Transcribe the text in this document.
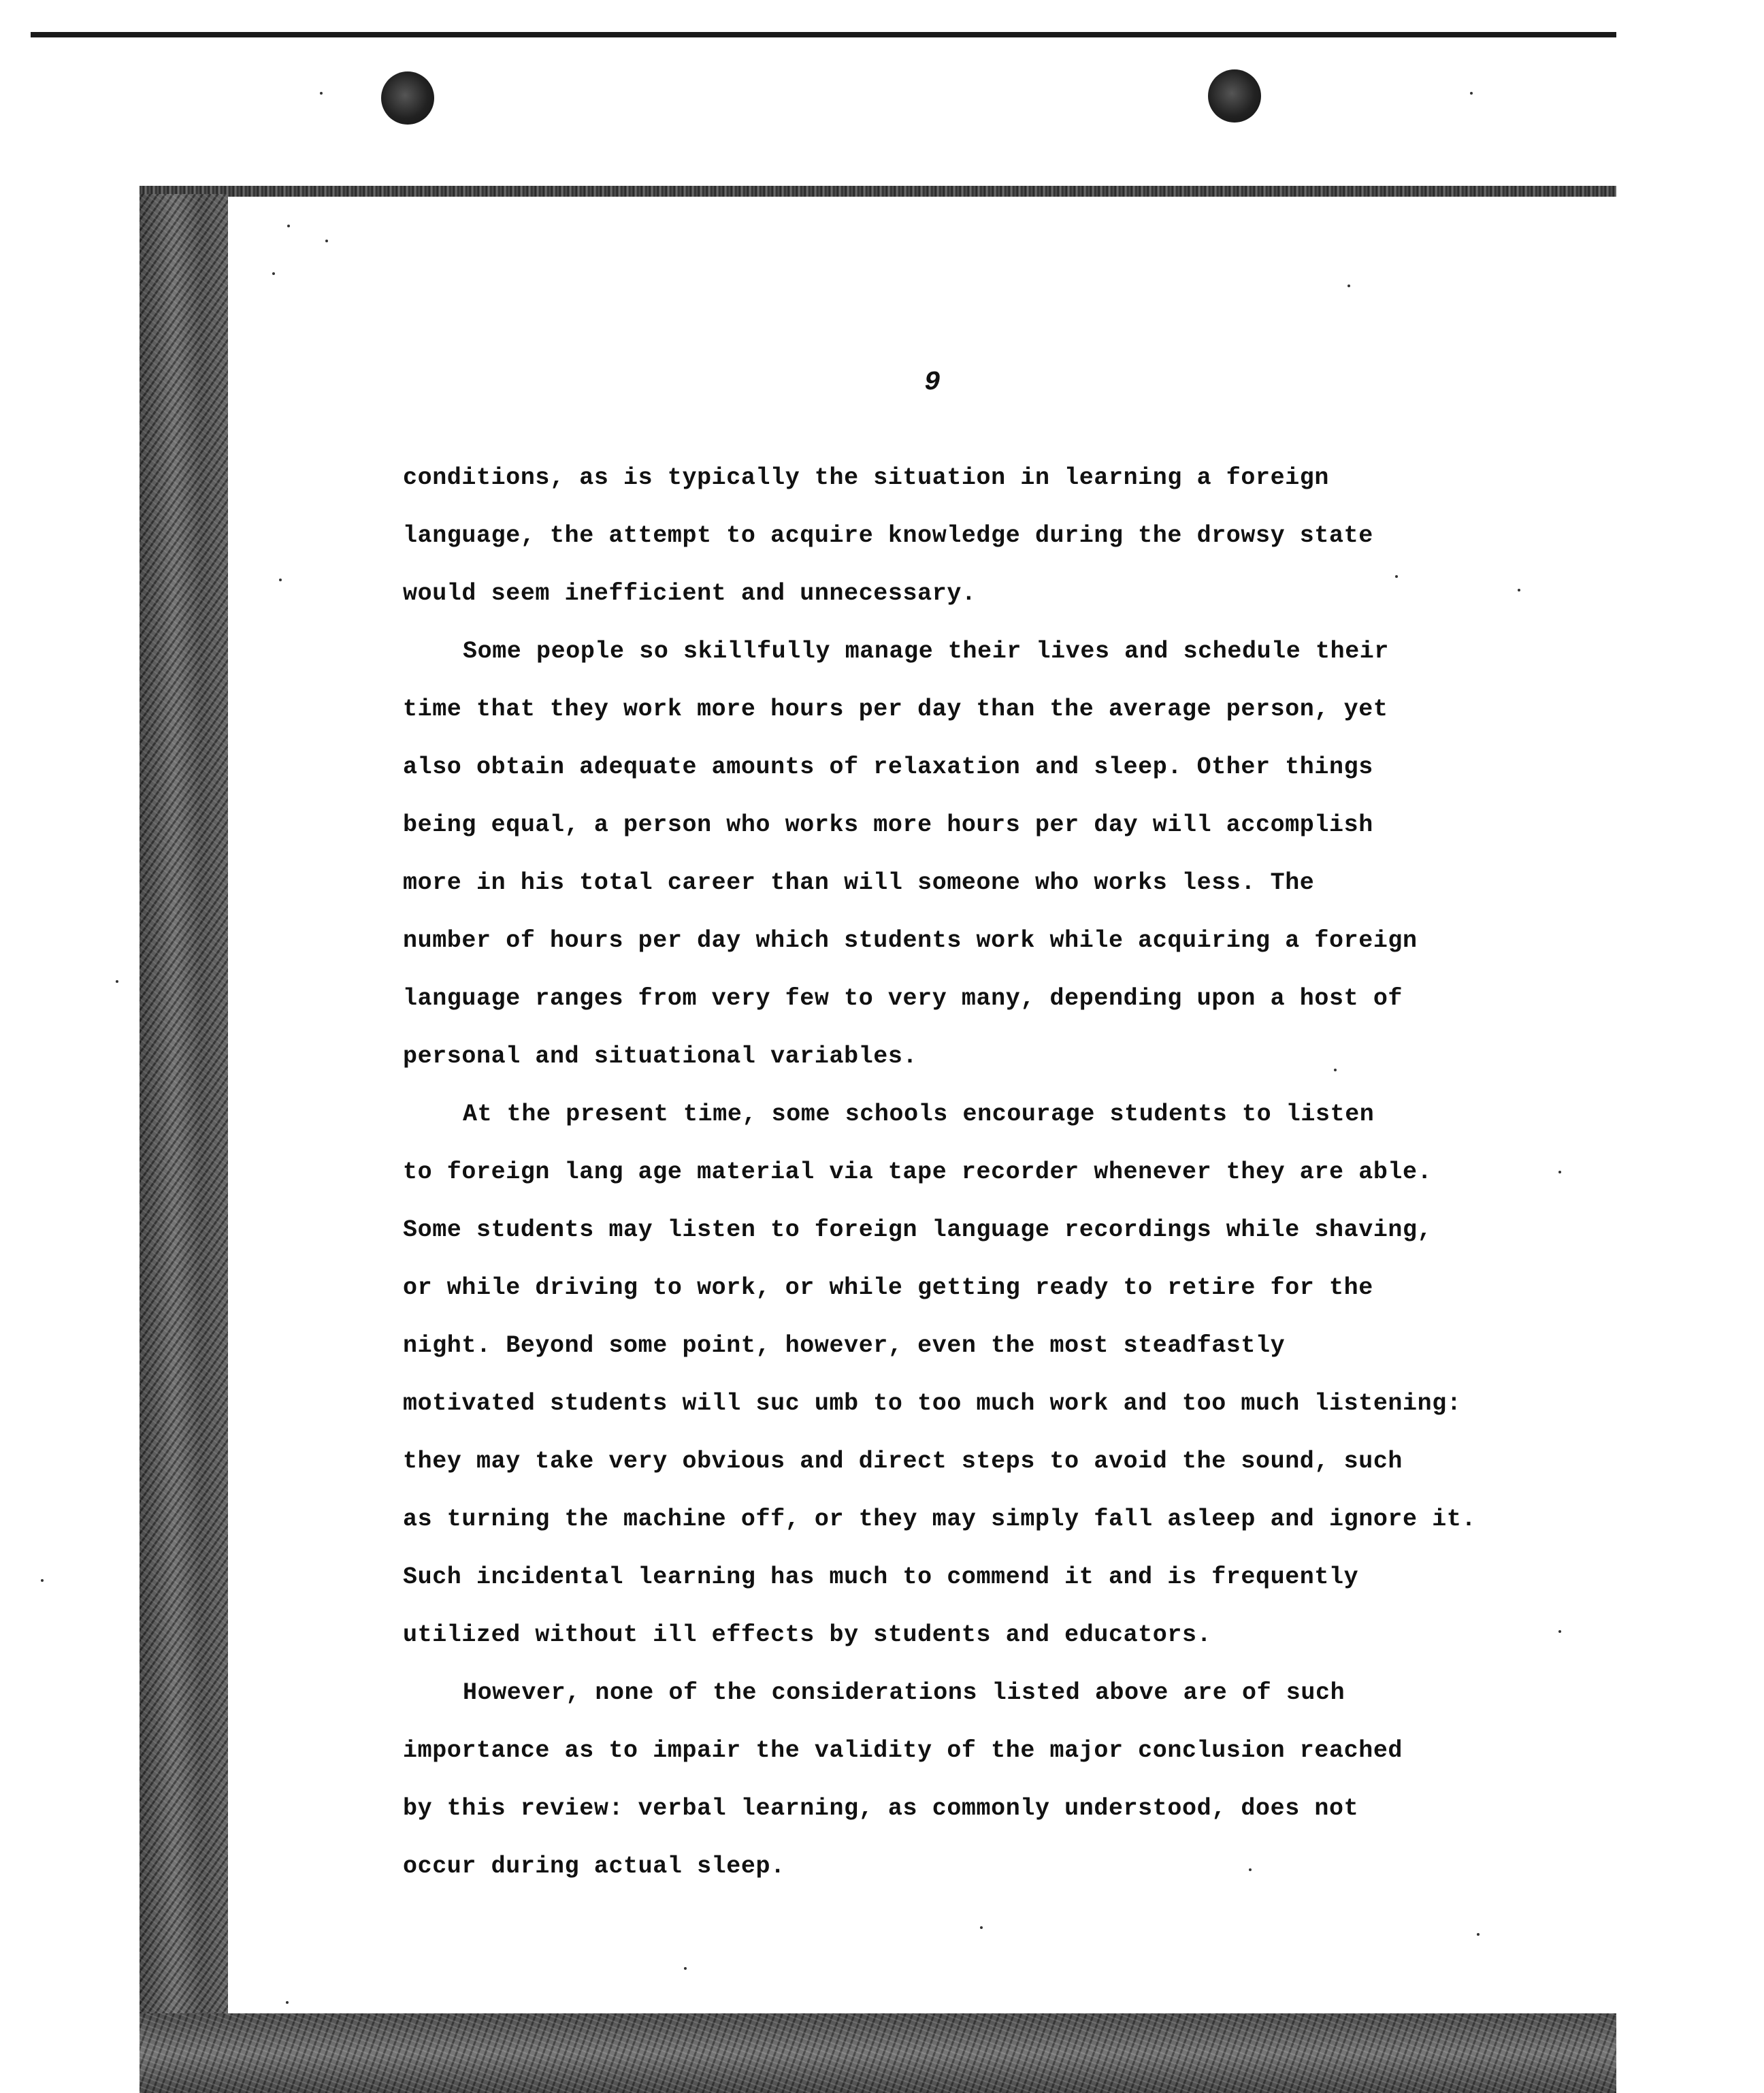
9

conditions, as is typically the situation in learning a foreign

language, the attempt to acquire knowledge during the drowsy state

would seem inefficient and unnecessary.

Some people so skillfully manage their lives and schedule their

time that they work more hours per day than the average person, yet

also obtain adequate amounts of relaxation and sleep. Other things

being equal, a person who works more hours per day will accomplish

more in his total career than will someone who works less. The

number of hours per day which students work while acquiring a foreign

language ranges from very few to very many, depending upon a host of

personal and situational variables.

At the present time, some schools encourage students to listen

to foreign lang age material via tape recorder whenever they are able.

Some students may listen to foreign language recordings while shaving,

or while driving to work, or while getting ready to retire for the

night. Beyond some point, however, even the most steadfastly

motivated students will suc umb to too much work and too much listening:

they may take very obvious and direct steps to avoid the sound, such

as turning the machine off, or they may simply fall asleep and ignore it.

Such incidental learning has much to commend it and is frequently

utilized without ill effects by students and educators.

However, none of the considerations listed above are of such

importance as to impair the validity of the major conclusion reached

by this review: verbal learning, as commonly understood, does not

occur during actual sleep.
